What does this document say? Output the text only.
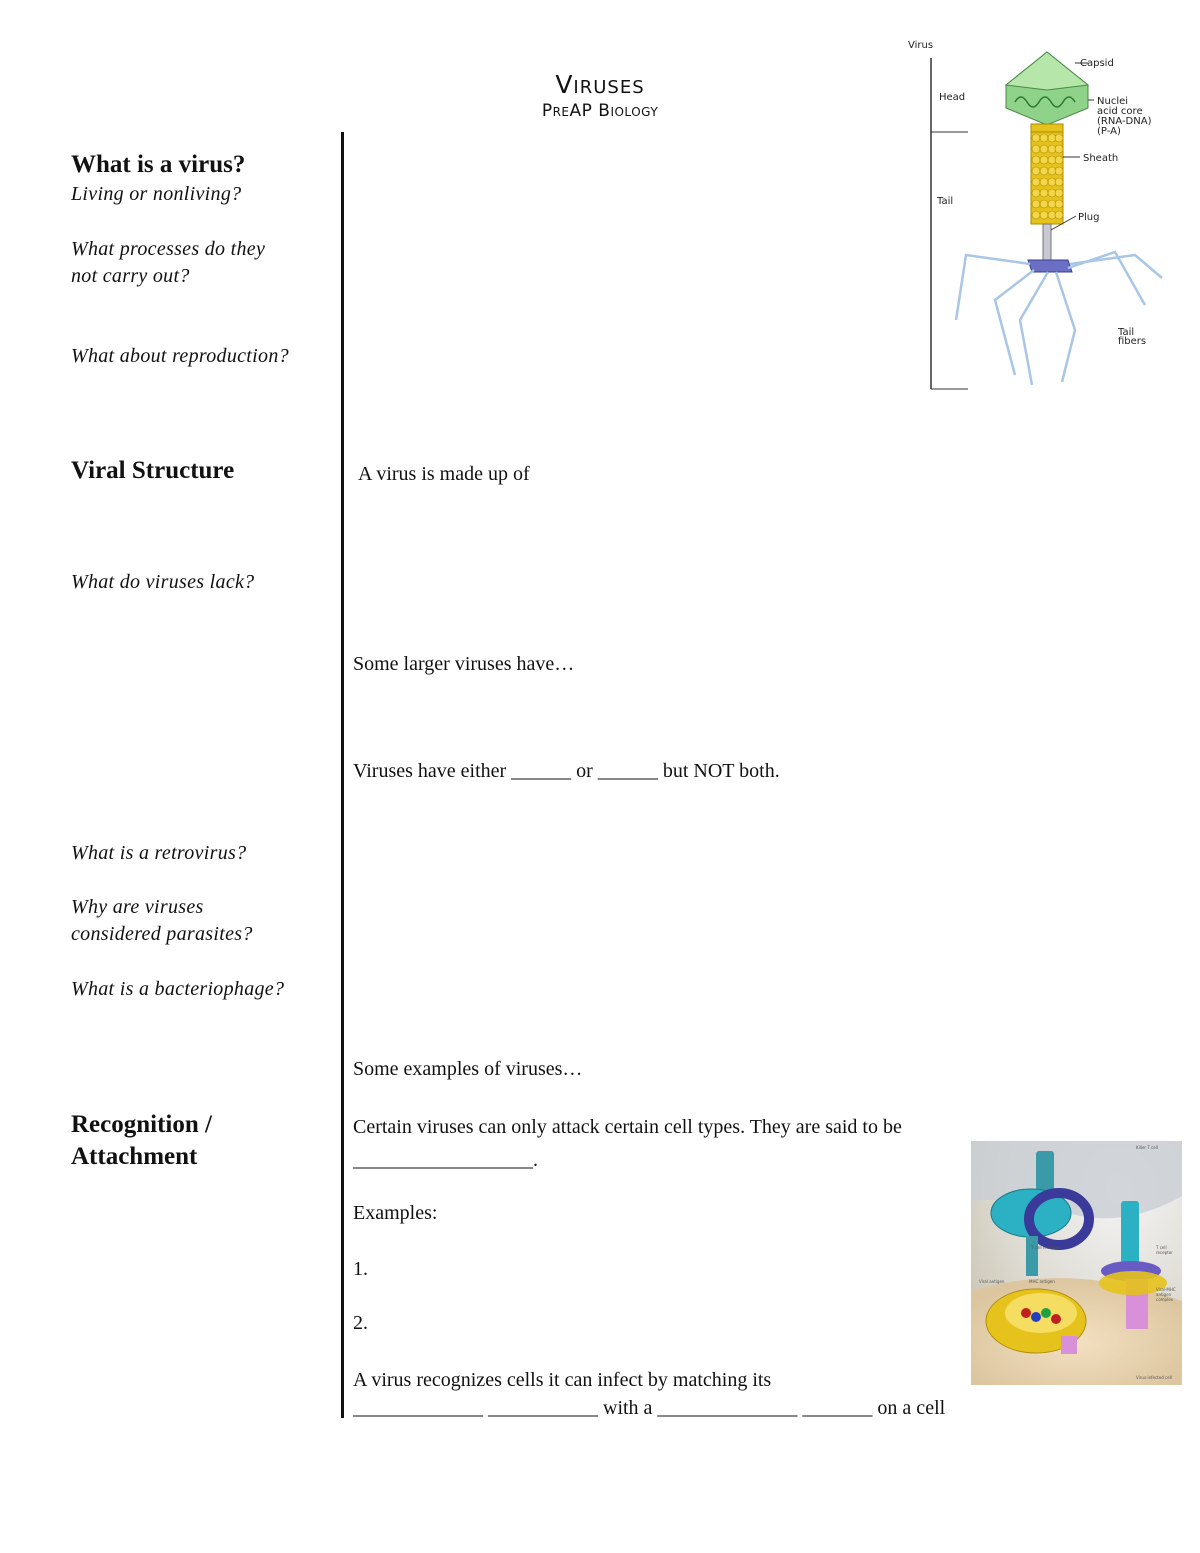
Viruses
PreAP Biology
What is a virus?
Living or nonliving?
What processes do they
not carry out?
What about reproduction?
Viral Structure
What do viruses lack?
What is a retrovirus?
Why are viruses
considered parasites?
What is a bacteriophage?
Recognition /
Attachment
A virus is made up of
Some larger viruses have…
Viruses have either ______ or ______ but NOT both.
Some examples of viruses…
Certain viruses can only attack certain cell types. They are said to be
__________________.
Examples:
1.
2.
A virus recognizes cells it can infect by matching its
_____________ ___________ with a ______________ _______ on a cell
Virus
Head
Tail
Capsid
Nuclei
acid core
(RNA-DNA)
(P-A)
Sheath
Plug
Tail
fibers
Killer T cell
T cell receptor	T cell
receptor
Viral antigen	MHC antigen
Viral-MHC
antigen
complex
Virus-infected cell
